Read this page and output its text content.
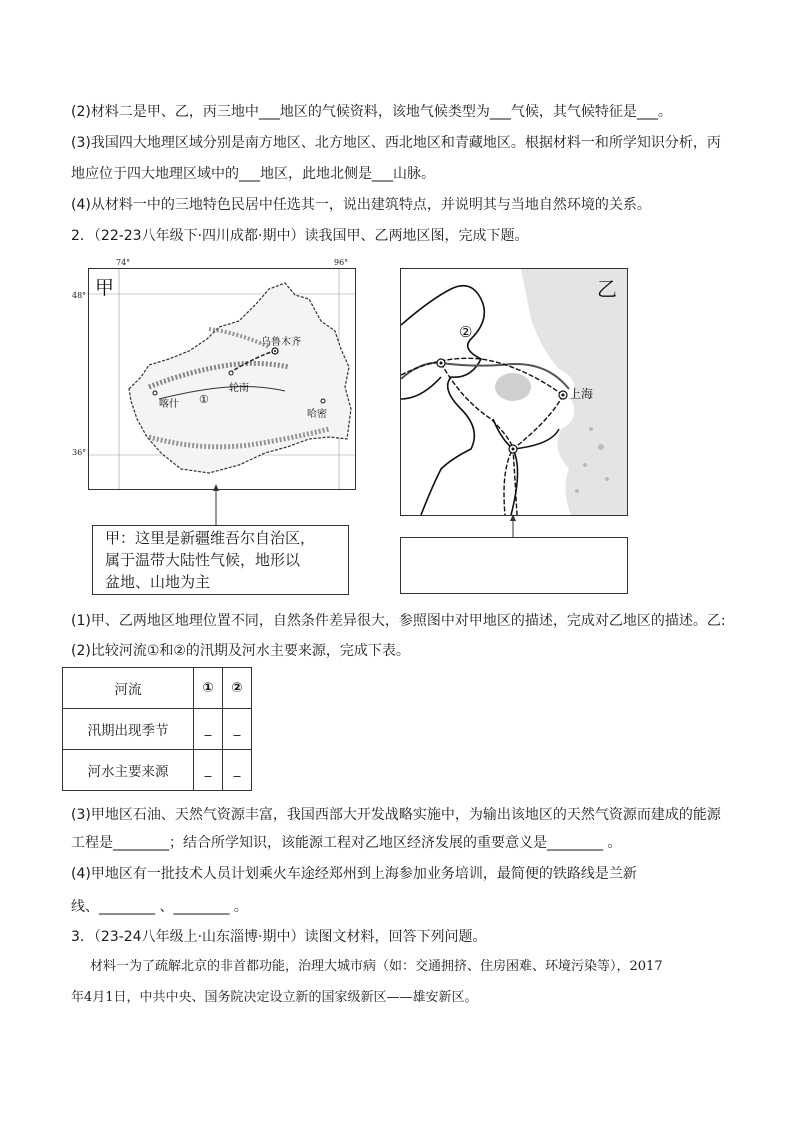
(2)材料二是甲、乙，丙三地中___地区的气候资料，该地气候类型为___气候，其气候特征是___。
(3)我国四大地理区域分别是南方地区、北方地区、西北地区和青藏地区。根据材料一和所学知识分析，丙
地应位于四大地理区域中的___地区，此地北侧是___山脉。
(4)从材料一中的三地特色民居中任选其一，说出建筑特点，并说明其与当地自然环境的关系。
2．（22-23八年级下·四川成都·期中）读我国甲、乙两地区图，完成下题。
74°	96°
48°
36°
甲
乌鲁木齐
轮南
喀什
哈密
①
甲：这里是新疆维吾尔自治区，
属于温带大陆性气候，地形以
盆地、山地为主
乙
②
上海
(1)甲、乙两地区地理位置不同，自然条件差异很大，参照图中对甲地区的描述，完成对乙地区的描述。乙:
(2)比较河流①和②的汛期及河水主要来源，完成下表。
河流	①	②
汛期出现季节	_	_
河水主要来源	_	_
(3)甲地区石油、天然气资源丰富，我国西部大开发战略实施中，为输出该地区的天然气资源而建成的能源
工程是________；结合所学知识，该能源工程对乙地区经济发展的重要意义是________ 。
(4)甲地区有一批技术人员计划乘火车途经郑州到上海参加业务培训，最简便的铁路线是兰新
线、________ 、________ 。
3．（23-24八年级上·山东淄博·期中）读图文材料，回答下列问题。
材料一为了疏解北京的非首都功能，治理大城市病（如：交通拥挤、住房困难、环境污染等），2017
年4月1日，中共中央、国务院决定设立新的国家级新区——雄安新区。
